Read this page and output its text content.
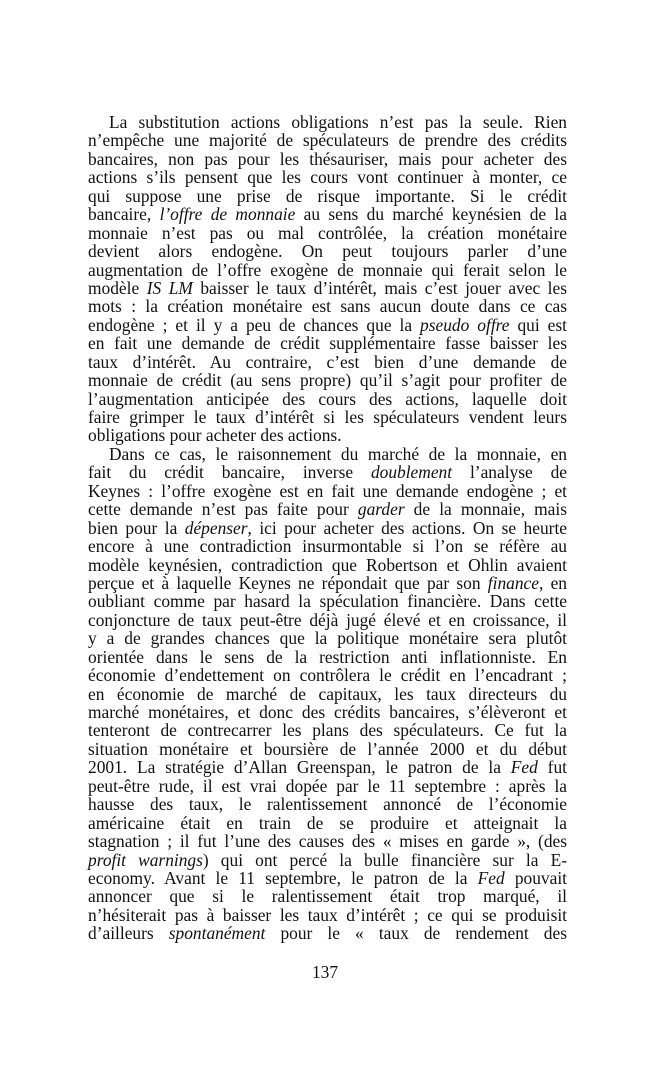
La substitution actions obligations n’est pas la seule. Rien
n’empêche une majorité de spéculateurs de prendre des crédits
bancaires, non pas pour les thésauriser, mais pour acheter des
actions s’ils pensent que les cours vont continuer à monter, ce
qui suppose une prise de risque importante. Si le crédit
bancaire, l’offre de monnaie au sens du marché keynésien de la
monnaie n’est pas ou mal contrôlée, la création monétaire
devient alors endogène. On peut toujours parler d’une
augmentation de l’offre exogène de monnaie qui ferait selon le
modèle IS LM baisser le taux d’intérêt, mais c’est jouer avec les
mots : la création monétaire est sans aucun doute dans ce cas
endogène ; et il y a peu de chances que la pseudo offre qui est
en fait une demande de crédit supplémentaire fasse baisser les
taux d’intérêt. Au contraire, c’est bien d’une demande de
monnaie de crédit (au sens propre) qu’il s’agit pour profiter de
l’augmentation anticipée des cours des actions, laquelle doit
faire grimper le taux d’intérêt si les spéculateurs vendent leurs
obligations pour acheter des actions.
Dans ce cas, le raisonnement du marché de la monnaie, en
fait du crédit bancaire, inverse doublement l’analyse de
Keynes : l’offre exogène est en fait une demande endogène ; et
cette demande n’est pas faite pour garder de la monnaie, mais
bien pour la dépenser, ici pour acheter des actions. On se heurte
encore à une contradiction insurmontable si l’on se réfère au
modèle keynésien, contradiction que Robertson et Ohlin avaient
perçue et à laquelle Keynes ne répondait que par son finance, en
oubliant comme par hasard la spéculation financière. Dans cette
conjoncture de taux peut-être déjà jugé élevé et en croissance, il
y a de grandes chances que la politique monétaire sera plutôt
orientée dans le sens de la restriction anti inflationniste. En
économie d’endettement on contrôlera le crédit en l’encadrant ;
en économie de marché de capitaux, les taux directeurs du
marché monétaires, et donc des crédits bancaires, s’élèveront et
tenteront de contrecarrer les plans des spéculateurs. Ce fut la
situation monétaire et boursière de l’année 2000 et du début
2001. La stratégie d’Allan Greenspan, le patron de la Fed fut
peut-être rude, il est vrai dopée par le 11 septembre : après la
hausse des taux, le ralentissement annoncé de l’économie
américaine était en train de se produire et atteignait la
stagnation ; il fut l’une des causes des « mises en garde », (des
profit warnings) qui ont percé la bulle financière sur la E-
economy. Avant le 11 septembre, le patron de la Fed pouvait
annoncer que si le ralentissement était trop marqué, il
n’hésiterait pas à baisser les taux d’intérêt ; ce qui se produisit
d’ailleurs spontanément pour le « taux de rendement des
137
